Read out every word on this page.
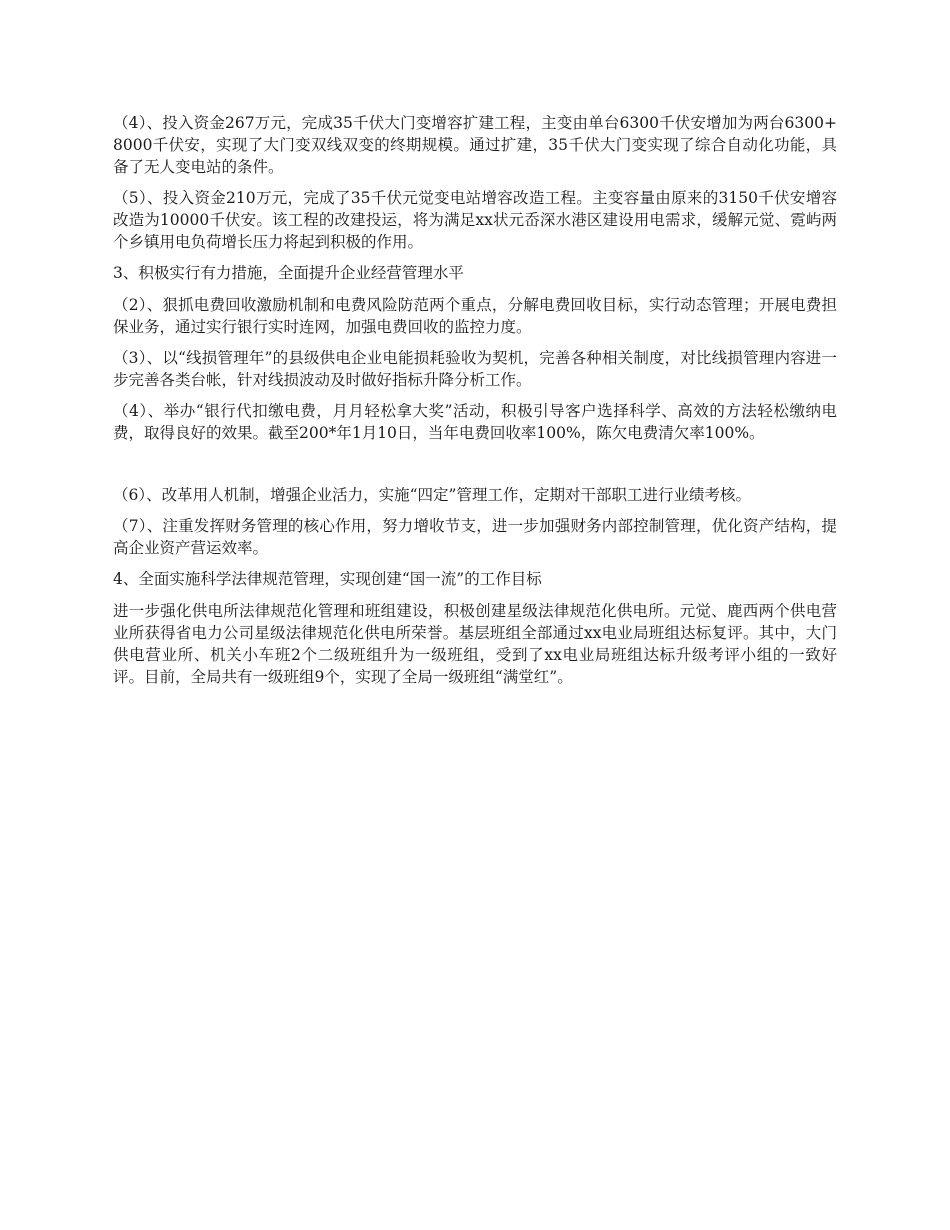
（4）、投入资金267万元，完成35千伏大门变增容扩建工程，主变由单台6300千伏安增加为两台6300+8000千伏安，实现了大门变双线双变的终期规模。通过扩建，35千伏大门变实现了综合自动化功能，具备了无人变电站的条件。

（5）、投入资金210万元，完成了35千伏元觉变电站增容改造工程。主变容量由原来的3150千伏安增容改造为10000千伏安。该工程的改建投运，将为满足xx状元岙深水港区建设用电需求，缓解元觉、霓屿两个乡镇用电负荷增长压力将起到积极的作用。

3、积极实行有力措施，全面提升企业经营管理水平

（2）、狠抓电费回收激励机制和电费风险防范两个重点，分解电费回收目标，实行动态管理；开展电费担保业务，通过实行银行实时连网，加强电费回收的监控力度。

（3）、以“线损管理年”的县级供电企业电能损耗验收为契机，完善各种相关制度，对比线损管理内容进一步完善各类台帐，针对线损波动及时做好指标升降分析工作。

（4）、举办“银行代扣缴电费，月月轻松拿大奖”活动，积极引导客户选择科学、高效的方法轻松缴纳电费，取得良好的效果。截至200*年1月10日，当年电费回收率100%，陈欠电费清欠率100%。

（6）、改革用人机制，增强企业活力，实施“四定”管理工作，定期对干部职工进行业绩考核。

（7）、注重发挥财务管理的核心作用，努力增收节支，进一步加强财务内部控制管理，优化资产结构，提高企业资产营运效率。

4、全面实施科学法律规范管理，实现创建“国一流”的工作目标

进一步强化供电所法律规范化管理和班组建设，积极创建星级法律规范化供电所。元觉、鹿西两个供电营业所获得省电力公司星级法律规范化供电所荣誉。基层班组全部通过xx电业局班组达标复评。其中，大门供电营业所、机关小车班2个二级班组升为一级班组，受到了xx电业局班组达标升级考评小组的一致好评。目前，全局共有一级班组9个，实现了全局一级班组“满堂红”。
